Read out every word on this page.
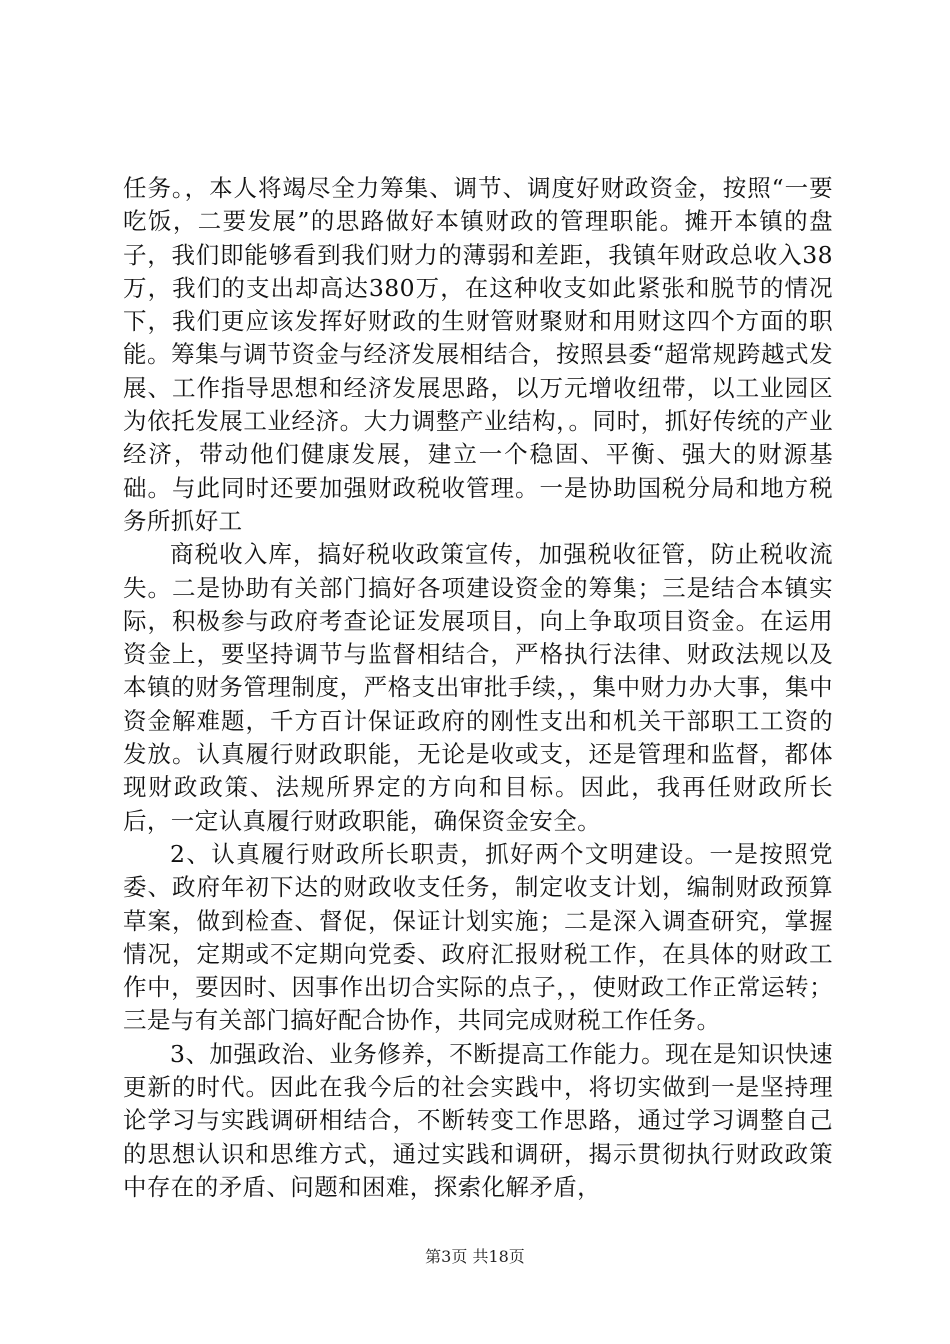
任务。，本人将竭尽全力筹集、调节、调度好财政资金，按照“一要吃饭，二要发展”的思路做好本镇财政的管理职能。摊开本镇的盘子，我们即能够看到我们财力的薄弱和差距，我镇年财政总收入38万，我们的支出却高达380万，在这种收支如此紧张和脱节的情况下，我们更应该发挥好财政的生财管财聚财和用财这四个方面的职能。筹集与调节资金与经济发展相结合，按照县委“超常规跨越式发展、工作指导思想和经济发展思路，以万元增收纽带，以工业园区为依托发展工业经济。大力调整产业结构，。同时，抓好传统的产业经济，带动他们健康发展，建立一个稳固、平衡、强大的财源基础。与此同时还要加强财政税收管理。一是协助国税分局和地方税务所抓好工

商税收入库，搞好税收政策宣传，加强税收征管，防止税收流失。二是协助有关部门搞好各项建设资金的筹集；三是结合本镇实际，积极参与政府考查论证发展项目，向上争取项目资金。在运用资金上，要坚持调节与监督相结合，严格执行法律、财政法规以及本镇的财务管理制度，严格支出审批手续，，集中财力办大事，集中资金解难题，千方百计保证政府的刚性支出和机关干部职工工资的发放。认真履行财政职能，无论是收或支，还是管理和监督，都体现财政政策、法规所界定的方向和目标。因此，我再任财政所长后，一定认真履行财政职能，确保资金安全。

2、认真履行财政所长职责，抓好两个文明建设。一是按照党委、政府年初下达的财政收支任务，制定收支计划，编制财政预算草案，做到检查、督促，保证计划实施；二是深入调查研究，掌握情况，定期或不定期向党委、政府汇报财税工作，在具体的财政工作中，要因时、因事作出切合实际的点子，，使财政工作正常运转；三是与有关部门搞好配合协作，共同完成财税工作任务。

3、加强政治、业务修养，不断提高工作能力。现在是知识快速更新的时代。因此在我今后的社会实践中，将切实做到一是坚持理论学习与实践调研相结合，不断转变工作思路，通过学习调整自己的思想认识和思维方式，通过实践和调研，揭示贯彻执行财政政策中存在的矛盾、问题和困难，探索化解矛盾，

第3页 共18页
